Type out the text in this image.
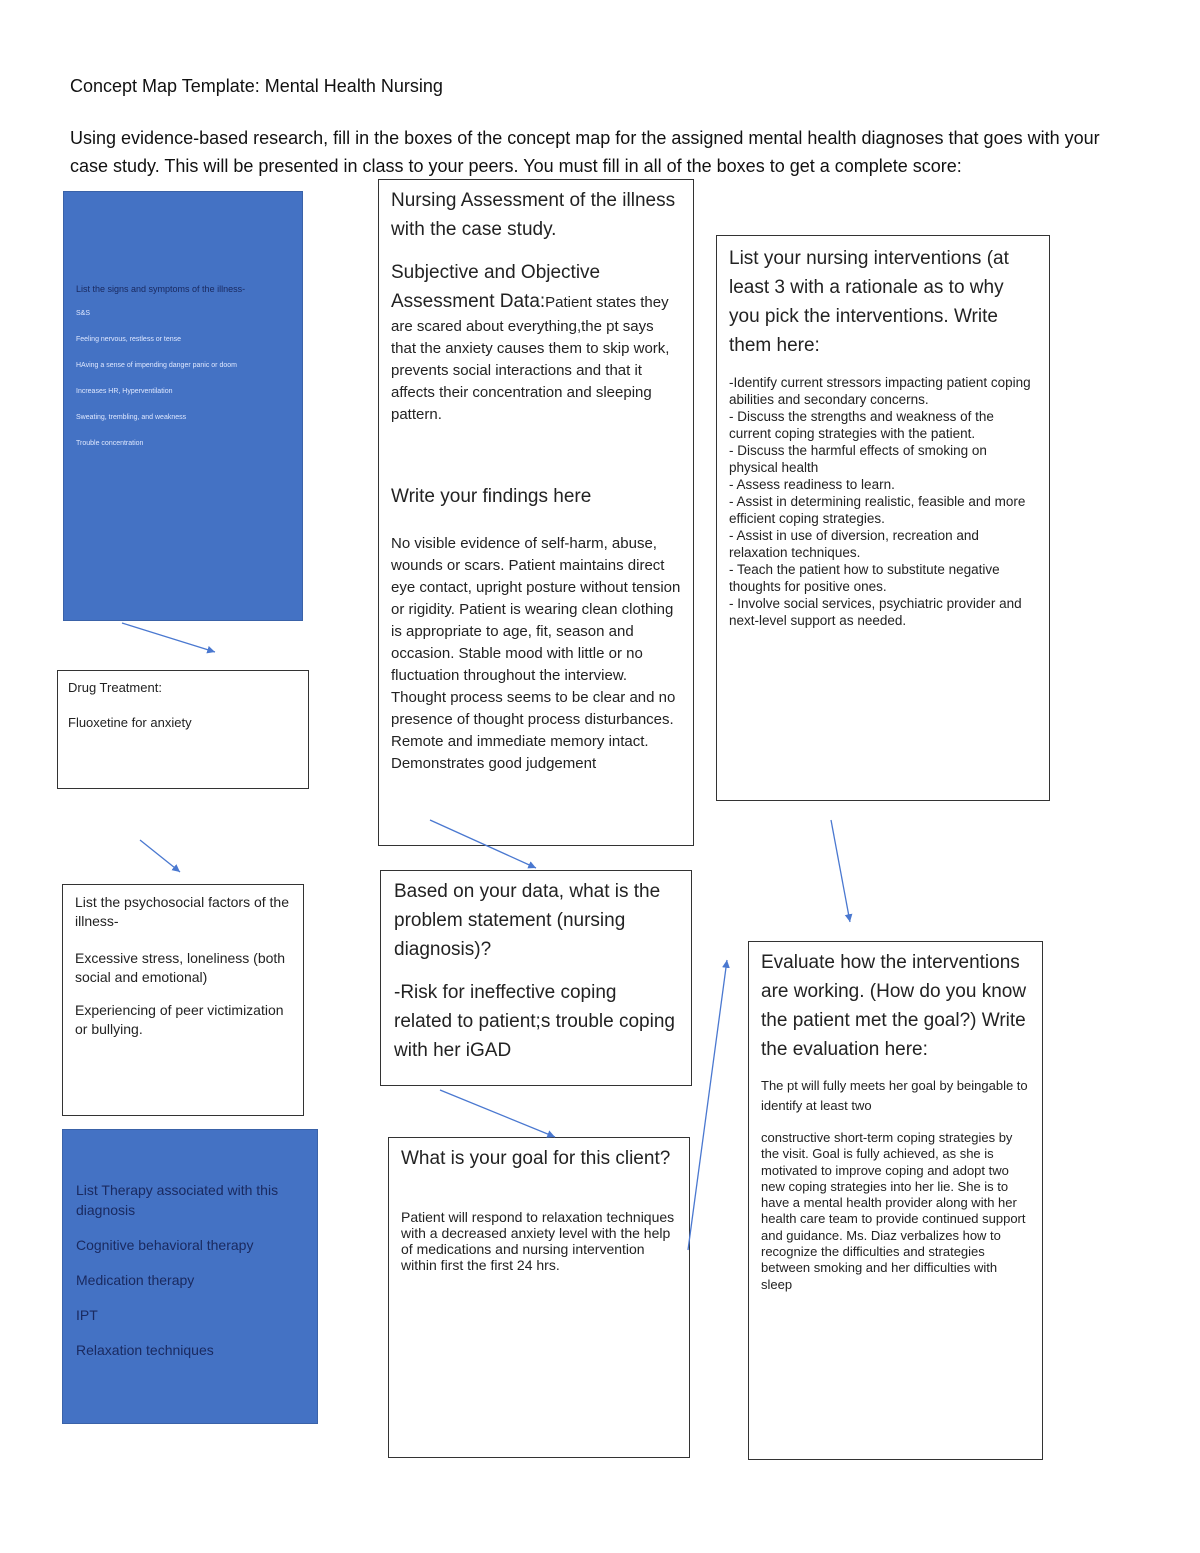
Concept Map Template: Mental Health Nursing
Using evidence-based research, fill in the boxes of the concept map for the assigned mental health diagnoses that goes with your case study. This will be presented in class to your peers. You must fill in all of the boxes to get a complete score:

List the signs and symptoms of the illness-

S&S

Feeling nervous, restless or tense

HAving a sense of impending danger panic or doom

Increases HR, Hyperventilation

Sweating, trembling, and weakness

Trouble concentration

Drug Treatment:

Fluoxetine for anxiety

List the psychosocial factors of the illness-

Excessive stress, loneliness (both social and emotional)

Experiencing of peer victimization or bullying.

List Therapy associated with this diagnosis

Cognitive behavioral therapy

Medication therapy

IPT

Relaxation techniques

Nursing Assessment of the illness with the case study.

Subjective and Objective Assessment Data:Patient states they are scared about everything,the pt says that the anxiety causes them to skip work, prevents social interactions and that it affects their concentration and sleeping pattern.

Write your findings here

No visible evidence of self-harm, abuse, wounds or scars. Patient maintains direct eye contact, upright posture without tension or rigidity. Patient is wearing clean clothing is appropriate to age, fit, season and occasion. Stable mood with little or no fluctuation throughout the interview. Thought process seems to be clear and no presence of thought process disturbances. Remote and immediate memory intact. Demonstrates good judgement

List your nursing interventions (at least 3 with a rationale as to why you pick the interventions. Write them here:

-Identify current stressors impacting patient coping abilities and secondary concerns.

- Discuss the strengths and weakness of the current coping strategies with the patient.

- Discuss the harmful effects of smoking on physical health

- Assess readiness to learn.

- Assist in determining realistic, feasible and more efficient coping strategies.

- Assist in use of diversion, recreation and relaxation techniques.

- Teach the patient how to substitute negative thoughts for positive ones.

- Involve social services, psychiatric provider and next-level support as needed.

Based on your data, what is the problem statement (nursing diagnosis)?

-Risk for ineffective coping related to patient;s trouble coping with her iGAD

What is your goal for this client?

Patient will respond to relaxation techniques with a decreased anxiety level with the help of medications and nursing intervention within first the first 24 hrs.

Evaluate how the interventions are working. (How do you know the patient met the goal?) Write the evaluation here:

The pt will fully meets her goal by beingable to identify at least two

constructive short-term coping strategies by the visit. Goal is fully achieved, as she is motivated to improve coping and adopt two new coping strategies into her lie. She is to have a mental health provider along with her health care team to provide continued support and guidance. Ms. Diaz verbalizes how to recognize the difficulties and strategies between smoking and her difficulties with sleep
